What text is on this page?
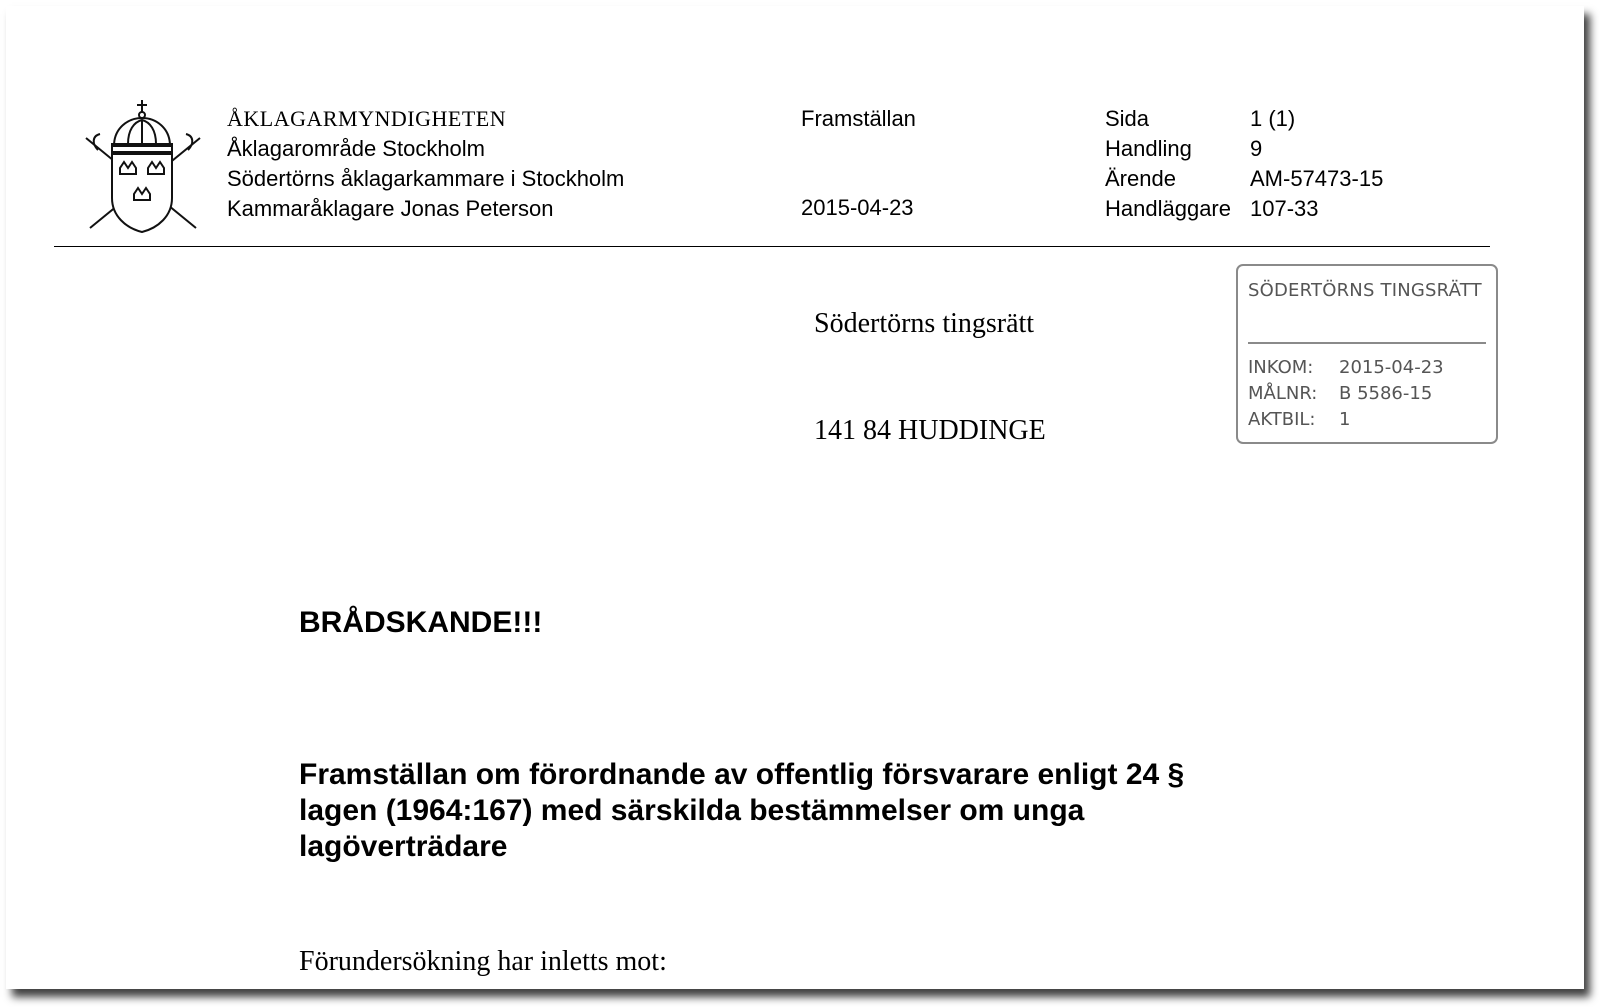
ÅKLAGARMYNDIGHETEN
Åklagarområde Stockholm
Södertörns åklagarkammare i Stockholm
Kammaråklagare Jonas Peterson
Framställan
2015-04-23
Sida	1 (1)
Handling	9
Ärende	AM-57473-15
Handläggare 107-33
Södertörns tingsrätt
141 84 HUDDINGE
SÖDERTÖRNS TINGSRÄTT
INKOM:	2015-04-23
MÅLNR:	B 5586-15
AKTBIL:	1
BRÅDSKANDE!!!
Framställan om förordnande av offentlig försvarare enligt 24 §
lagen (1964:167) med särskilda bestämmelser om unga
lagöverträdare
Förundersökning har inletts mot:
